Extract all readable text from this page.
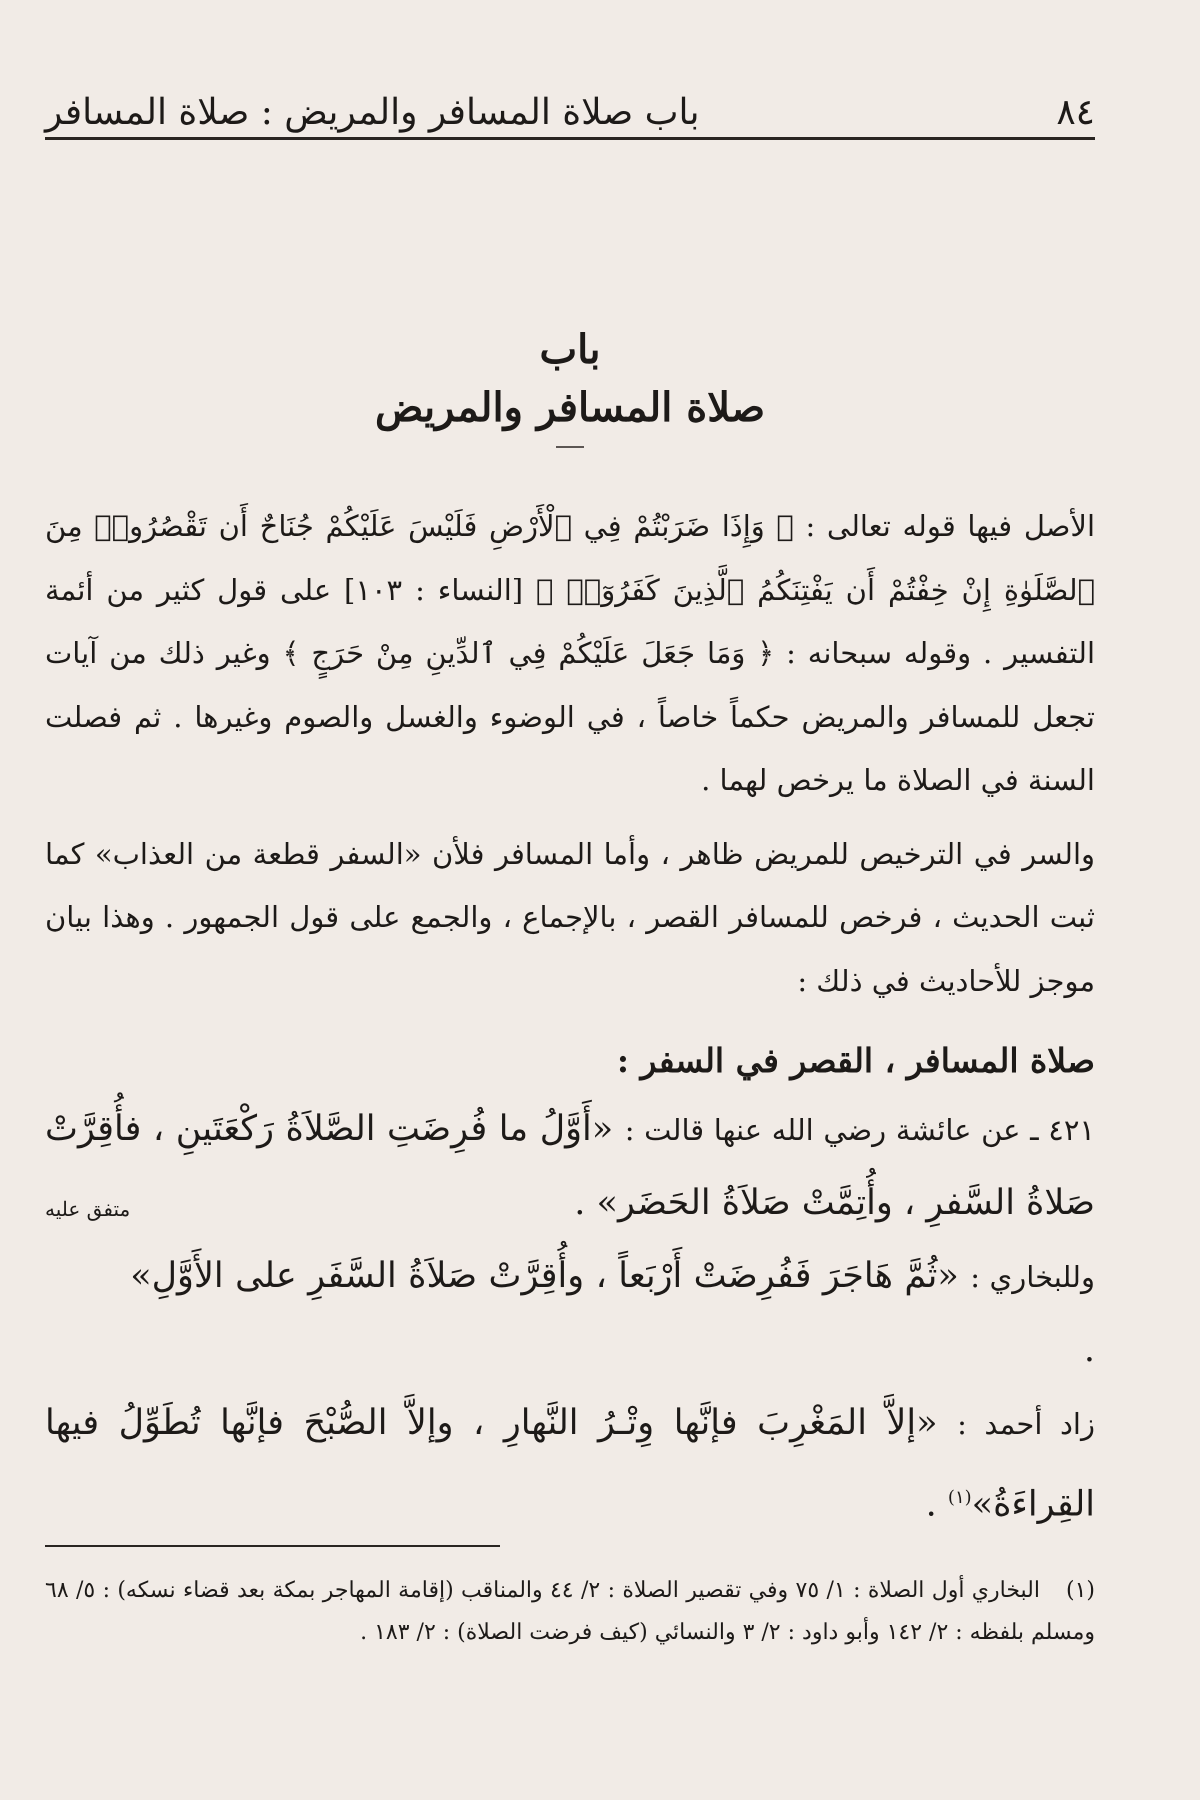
٨٤
باب صلاة المسافر والمريض : صلاة المسافر
باب
صلاة المسافر والمريض

الأصل فيها قوله تعالى : ﴿ وَإِذَا ضَرَبْتُمْ فِي ٱلْأَرْضِ فَلَيْسَ عَلَيْكُمْ جُنَاحٌ أَن تَقْصُرُوا۟ مِنَ ٱلصَّلَوٰةِ إِنْ خِفْتُمْ أَن يَفْتِنَكُمُ ٱلَّذِينَ كَفَرُوٓا۟ ﴾ [النساء : ١٠٣] على قول كثير من أئمة التفسير . وقوله سبحانه : ﴿ وَمَا جَعَلَ عَلَيْكُمْ فِي ٱلدِّينِ مِنْ حَرَجٍ ﴾ وغير ذلك من آيات تجعل للمسافر والمريض حكماً خاصاً ، في الوضوء والغسل والصوم وغيرها . ثم فصلت السنة في الصلاة ما يرخص لهما .

والسر في الترخيص للمريض ظاهر ، وأما المسافر فلأن «السفر قطعة من العذاب» كما ثبت الحديث ، فرخص للمسافر القصر ، بالإجماع ، والجمع على قول الجمهور . وهذا بيان موجز للأحاديث في ذلك :

صلاة المسافر ، القصر في السفر :

٤٢١ ـ عن عائشة رضي الله عنها قالت : «أَوَّلُ ما فُرِضَتِ الصَّلاَةُ رَكْعَتَينِ ، فأُقِرَّتْ صَلاةُ السَّفرِ ، وأُتِمَّتْ صَلاَةُ الحَضَر» .
متفق عليه

وللبخاري : «ثُمَّ هَاجَرَ فَفُرِضَتْ أَرْبَعاً ، وأُقِرَّتْ صَلاَةُ السَّفَرِ على الأَوَّلِ» .

زاد أحمد : «إلاَّ المَغْرِبَ فإنَّها وِتْـرُ النَّهارِ ، وإلاَّ الصُّبْحَ فإنَّها تُطَوِّلُ فيها القِراءَةُ»$^{(١)}$ .

(١)البخاري أول الصلاة : ١/ ٧٥ وفي تقصير الصلاة : ٢/ ٤٤ والمناقب (إقامة المهاجر بمكة بعد قضاء نسكه) : ٥/ ٦٨ ومسلم بلفظه : ٢/ ١٤٢ وأبو داود : ٢/ ٣ والنسائي (كيف فرضت الصلاة) : ٢/ ١٨٣ .
